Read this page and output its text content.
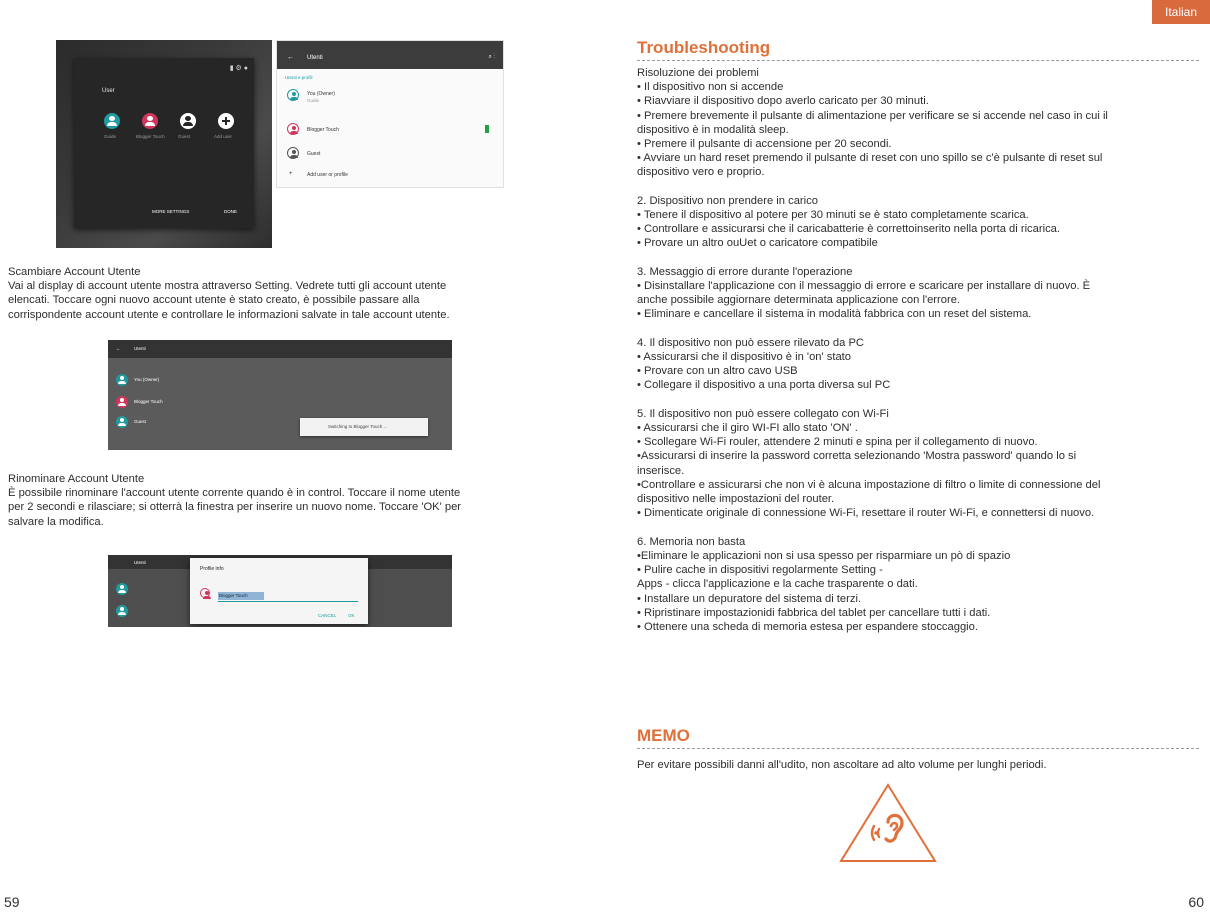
▮ ⚙ ●
User
Guide	Blogger Touch	Guest	Add user
MORE SETTINGS	DONE
← Utenti	⌕ ⋮
Utenti e profili
You (Owner)
Guide
Blogger Touch
Guest
+	Add user or profile

Scambiare Account Utente
Vai al display di account utente mostra attraverso Setting. Vedrete tutti gli account utente
elencati. Toccare ogni nuovo account utente è stato creato, è possibile passare alla
corrispondente account utente e controllare le informazioni salvate in tale account utente.

←	Utenti
You (Owner)
Blogger Touch
Guest
Switching to Blogger Touch ...

Rinominare Account Utente
È possibile rinominare l'account utente corrente quando è in control. Toccare il nome utente
per 2 secondi e rilasciare; si otterrà la finestra per inserire un nuovo nome. Toccare 'OK' per
salvare la modifica.

Utenti
Profile info
Blogger Touch
CANCEL	OK
59
Italian
Troubleshooting
Risoluzione dei problemi
• Il dispositivo non si accende
• Riavviare il dispositivo dopo averlo caricato per 30 minuti.
• Premere brevemente il pulsante di alimentazione per verificare se si accende nel caso in cui il
dispositivo è in modalità sleep.
• Premere il pulsante di accensione per 20 secondi.
• Avviare un hard reset premendo il pulsante di reset con uno spillo se c'è pulsante di reset sul
dispositivo vero e proprio.

2. Dispositivo non prendere in carico
• Tenere il dispositivo al potere per 30 minuti se è stato completamente scarica.
• Controllare e assicurarsi che il caricabatterie è correttoinserito nella porta di ricarica.
• Provare un altro ouUet o caricatore compatibile

3. Messaggio di errore durante l'operazione
• Disinstallare l'applicazione con il messaggio di errore e scaricare per installare di nuovo. È
anche possibile aggiornare determinata applicazione con l'errore.
• Eliminare e cancellare il sistema in modalità fabbrica con un reset del sistema.

4. Il dispositivo non può essere rilevato da PC
• Assicurarsi che il dispositivo è in 'on' stato
• Provare con un altro cavo USB
• Collegare il dispositivo a una porta diversa sul PC

5. Il dispositivo non può essere collegato con Wi-Fi
• Assicurarsi che il giro WI-FI allo stato 'ON' .
• Scollegare Wi-Fi rouler, attendere 2 minuti e spina per il collegamento di nuovo.
•Assicurarsi di inserire la password corretta selezionando 'Mostra password' quando lo si
inserisce.
•Controllare e assicurarsi che non vi è alcuna impostazione di filtro o limite di connessione del
dispositivo nelle impostazioni del router.
• Dimenticate originale di connessione Wi-Fi, resettare il router Wi-Fi, e connettersi di nuovo.

6. Memoria non basta
•Eliminare le applicazioni non si usa spesso per risparmiare un pò di spazio
• Pulire cache in dispositivi regolarmente Setting -
Apps - clicca l'applicazione e la cache trasparente o dati.
• Installare un depuratore del sistema di terzi.
• Ripristinare impostazionidi fabbrica del tablet per cancellare tutti i dati.
• Ottenere una scheda di memoria estesa per espandere stoccaggio.
MEMO

Per evitare possibili danni all'udito, non ascoltare ad alto volume per lunghi periodi.

60
